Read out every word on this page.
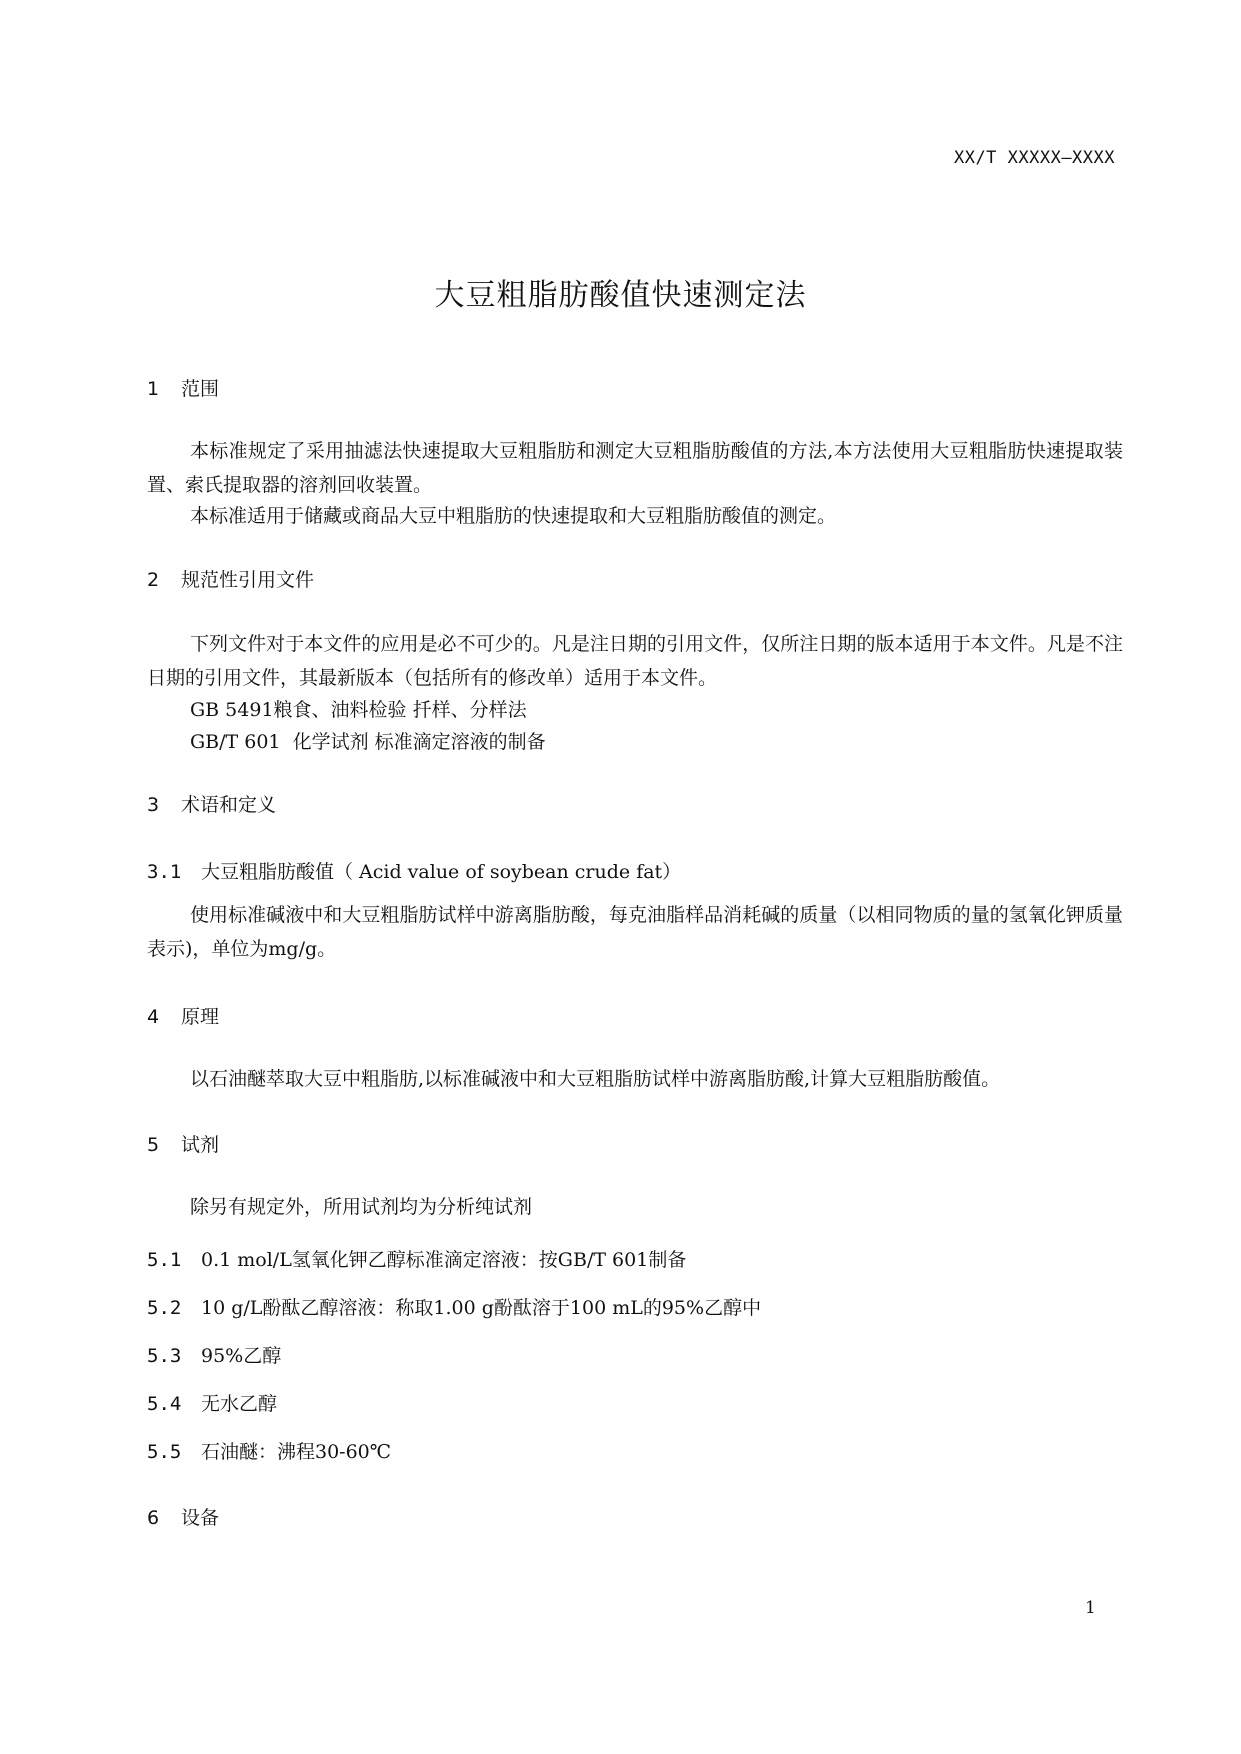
XX/T XXXXX—XXXX
大豆粗脂肪酸值快速测定法
1 范围
本标准规定了采用抽滤法快速提取大豆粗脂肪和测定大豆粗脂肪酸值的方法,本方法使用大豆粗脂肪快速提取装置、索氏提取器的溶剂回收装置。
本标准适用于储藏或商品大豆中粗脂肪的快速提取和大豆粗脂肪酸值的测定。
2 规范性引用文件
下列文件对于本文件的应用是必不可少的。凡是注日期的引用文件，仅所注日期的版本适用于本文件。凡是不注日期的引用文件，其最新版本（包括所有的修改单）适用于本文件。
GB 5491粮食、油料检验 扦样、分样法
GB/T 601  化学试剂 标准滴定溶液的制备
3 术语和定义
3.1 大豆粗脂肪酸值（ Acid value of soybean crude fat）
使用标准碱液中和大豆粗脂肪试样中游离脂肪酸，每克油脂样品消耗碱的质量（以相同物质的量的氢氧化钾质量表示)，单位为mg/g。
4 原理
以石油醚萃取大豆中粗脂肪,以标准碱液中和大豆粗脂肪试样中游离脂肪酸,计算大豆粗脂肪酸值。
5 试剂
除另有规定外，所用试剂均为分析纯试剂
5.1 0.1 mol/L氢氧化钾乙醇标准滴定溶液：按GB/T 601制备
5.2 10 g/L酚酞乙醇溶液：称取1.00 g酚酞溶于100 mL的95%乙醇中
5.3 95%乙醇
5.4 无水乙醇
5.5 石油醚：沸程30-60℃
6 设备
1
